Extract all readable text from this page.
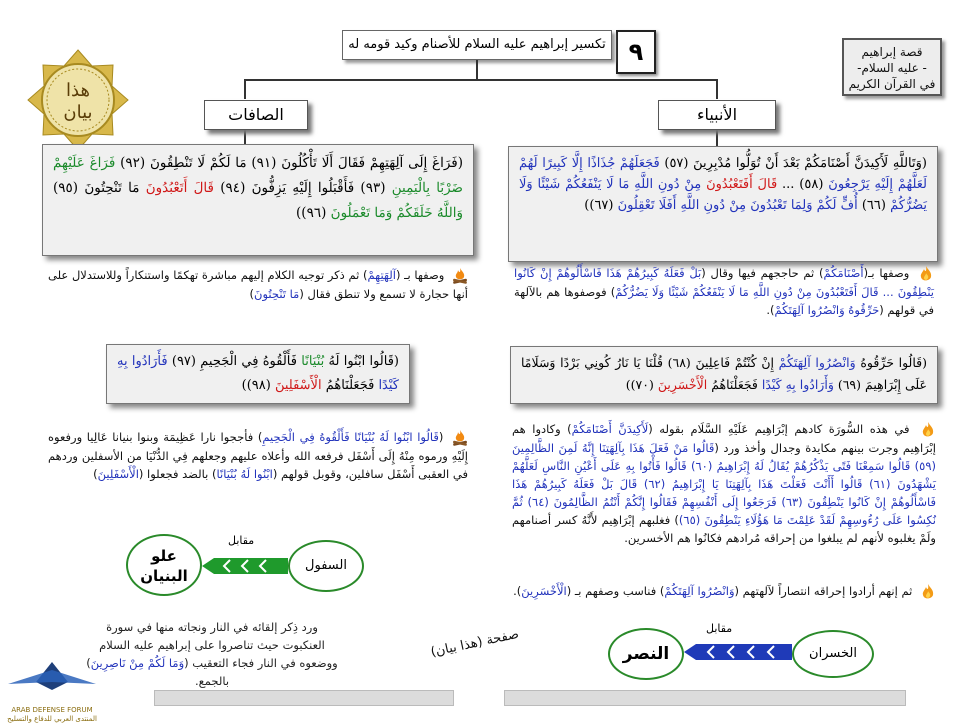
قصة إبراهيم
- عليه السلام-
في القرآن الكريم
٩
تكسير إبراهيم عليه السلام للأصنام وكيد قومه له
هذا
بيان	الأنبياء
الصافات
(وَتَاللَّهِ لَأَكِيدَنَّ أَصْنَامَكُمْ بَعْدَ أَنْ تُوَلُّوا مُدْبِرِينَ (٥٧) فَجَعَلَهُمْ جُذَاذًا إِلَّا كَبِيرًا لَهُمْ لَعَلَّهُمْ إِلَيْهِ يَرْجِعُونَ (٥٨) ... قَالَ أَفَتَعْبُدُونَ مِنْ دُونِ اللَّهِ مَا لَا يَنْفَعُكُمْ شَيْئًا وَلَا يَضُرُّكُمْ (٦٦) أُفٍّ لَكُمْ وَلِمَا تَعْبُدُونَ مِنْ دُونِ اللَّهِ أَفَلَا تَعْقِلُونَ (٦٧))
وصفها بـ(أَصْنَامَكُمْ) ثم حاججهم فيها وقال (بَلْ فَعَلَهُ كَبِيرُهُمْ هَذَا فَاسْأَلُوهُمْ إِنْ كَانُوا يَنْطِقُونَ ... قَالَ أَفَتَعْبُدُونَ مِنْ دُونِ اللَّهِ مَا لَا يَنْفَعُكُمْ شَيْئًا وَلَا يَضُرُّكُمْ) فوصفوها هم بالآلهة في قولهم (حَرِّقُوهُ وَانْصُرُوا آلِهَتَكُمْ).
(قَالُوا حَرِّقُوهُ وَانْصُرُوا آلِهَتَكُمْ إِنْ كُنْتُمْ فَاعِلِينَ (٦٨) قُلْنَا يَا نَارُ كُونِي بَرْدًا وَسَلَامًا عَلَى إِبْرَاهِيمَ (٦٩) وَأَرَادُوا بِهِ كَيْدًا فَجَعَلْنَاهُمُ الْأَخْسَرِينَ (٧٠))
في هذه السُّورَة كادهم إبْرَاهِيم عَلَيْهِ السَّلَام بقوله (لَأَكِيدَنَّ أَصْنَامَكُمْ) وكادوا هم إبْرَاهِيم وجرت بينهم مكايدة وجدال وأخذ ورد (قَالُوا مَنْ فَعَلَ هَذَا بِآلِهَتِنَا إِنَّهُ لَمِنَ الظَّالِمِينَ (٥٩) قَالُوا سَمِعْنَا فَتًى يَذْكُرُهُمْ يُقَالُ لَهُ إِبْرَاهِيمُ (٦٠) قَالُوا فَأْتُوا بِهِ عَلَى أَعْيُنِ النَّاسِ لَعَلَّهُمْ يَشْهَدُونَ (٦١) قَالُوا أَأَنْتَ فَعَلْتَ هَذَا بِآلِهَتِنَا يَا إِبْرَاهِيمُ (٦٢) قَالَ بَلْ فَعَلَهُ كَبِيرُهُمْ هَذَا فَاسْأَلُوهُمْ إِنْ كَانُوا يَنْطِقُونَ (٦٣) فَرَجَعُوا إِلَى أَنْفُسِهِمْ فَقَالُوا إِنَّكُمْ أَنْتُمُ الظَّالِمُونَ (٦٤) ثُمَّ نُكِسُوا عَلَى رُءُوسِهِمْ لَقَدْ عَلِمْتَ مَا هَؤُلَاءِ يَنْطِقُونَ (٦٥)) فغلبهم إبْرَاهِيم لأَنَّهُ كسر أصنامهم ولَمْ يغلبوه لأنهم لم يبلغوا من إحراقه مُرادهم فكانُوا هم الأخسرين.
ثم إنهم أرادوا إحراقه انتصاراً لآلهتهم (وَانْصُرُوا آلِهَتَكُمْ) فناسب وصفهم بـ (الْأَخْسَرِينَ).
النصر
مقابل
الخسران
(فَرَاغَ إِلَى آلِهَتِهِمْ فَقَالَ أَلَا تَأْكُلُونَ (٩١) مَا لَكُمْ لَا تَنْطِقُونَ (٩٢) فَرَاغَ عَلَيْهِمْ ضَرْبًا بِالْيَمِينِ (٩٣) فَأَقْبَلُوا إِلَيْهِ يَزِفُّونَ (٩٤) قَالَ أَتَعْبُدُونَ مَا تَنْحِتُونَ (٩٥) وَاللَّهُ خَلَقَكُمْ وَمَا تَعْمَلُونَ (٩٦))
وصفها بـ (آلِهَتِهِمْ) ثم ذكر توجيه الكلام إليهم مباشرة تهكمًا واستنكاراً وللاستدلال على أنها حجارة لا تسمع ولا تنطق فقال (مَا تَنْحِتُونَ)
(قَالُوا ابْنُوا لَهُ بُنْيَانًا فَأَلْقُوهُ فِي الْجَحِيمِ (٩٧) فَأَرَادُوا بِهِ كَيْدًا فَجَعَلْنَاهُمُ الْأَسْفَلِينَ (٩٨))
(قَالُوا ابْنُوا لَهُ بُنْيَانًا فَأَلْقُوهُ فِي الْجَحِيمِ) فأججوا نارا عَظِيمَة وبنوا بنيانا عَالِيا ورفعوه إِلَيْهِ ورموه مِنْهُ إِلَى أَسْفَل فرفعه الله وأعلاه عليهم وجعلهم فِي الدُّنْيَا من الأسفلين وردهم في العقبى أَسْفَل سافلين، وقوبل قولهم (ابْنُوا لَهُ بُنْيَانًا) بالضد فجعلوا (الْأَسْفَلِينَ)
علو
البنيان
مقابل
السفول
ورد ذِكر إلقائه في النار ونجاته منها في سورة العنكبوت حيث تناصروا على إبراهيم عليه السلام ووضعوه في النار فجاء التعقيب (وَمَا لَكُمْ مِنْ نَاصِرِينَ) بالجمع.
صفحة (هذا بيان)
ARAB DEFENSE FORUM
المنتدى العربي للدفاع والتسليح
